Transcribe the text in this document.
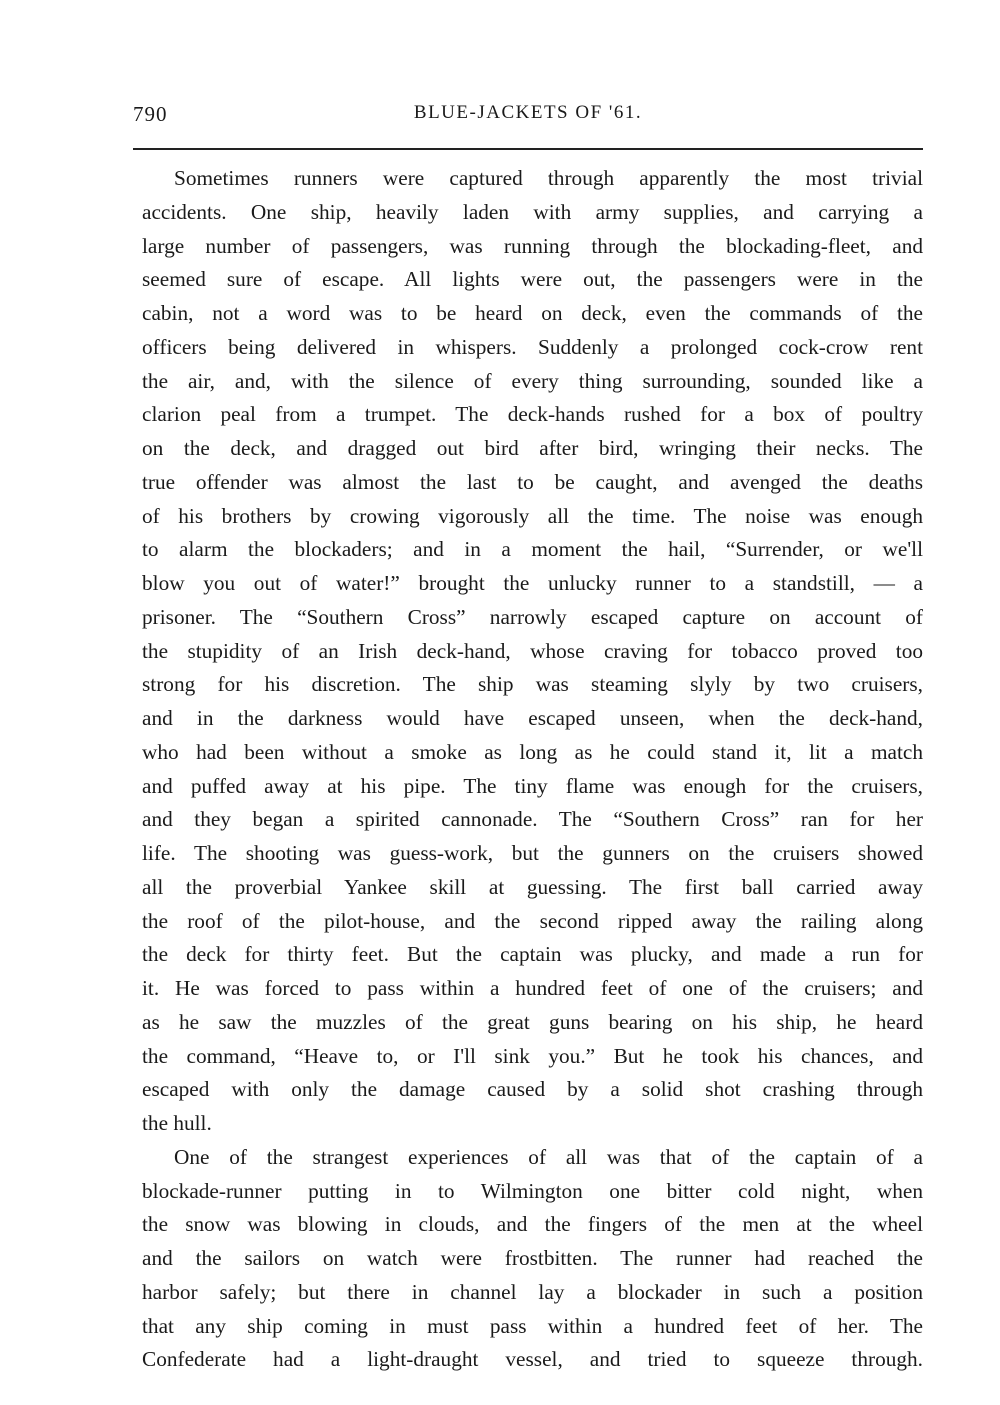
790	BLUE-JACKETS OF '61.
Sometimes runners were captured through apparently the most trivial
accidents. One ship, heavily laden with army supplies, and carrying a
large number of passengers, was running through the blockading-fleet, and
seemed sure of escape. All lights were out, the passengers were in the
cabin, not a word was to be heard on deck, even the commands of the
officers being delivered in whispers. Suddenly a prolonged cock-crow rent
the air, and, with the silence of every thing surrounding, sounded like a
clarion peal from a trumpet. The deck-hands rushed for a box of poultry
on the deck, and dragged out bird after bird, wringing their necks. The
true offender was almost the last to be caught, and avenged the deaths
of his brothers by crowing vigorously all the time. The noise was enough
to alarm the blockaders; and in a moment the hail, “Surrender, or we'll
blow you out of water!” brought the unlucky runner to a standstill, — a
prisoner. The “Southern Cross” narrowly escaped capture on account of
the stupidity of an Irish deck-hand, whose craving for tobacco proved too
strong for his discretion. The ship was steaming slyly by two cruisers,
and in the darkness would have escaped unseen, when the deck-hand,
who had been without a smoke as long as he could stand it, lit a match
and puffed away at his pipe. The tiny flame was enough for the cruisers,
and they began a spirited cannonade. The “Southern Cross” ran for her
life. The shooting was guess-work, but the gunners on the cruisers showed
all the proverbial Yankee skill at guessing. The first ball carried away
the roof of the pilot-house, and the second ripped away the railing along
the deck for thirty feet. But the captain was plucky, and made a run for
it. He was forced to pass within a hundred feet of one of the cruisers; and
as he saw the muzzles of the great guns bearing on his ship, he heard
the command, “Heave to, or I'll sink you.” But he took his chances, and
escaped with only the damage caused by a solid shot crashing through
the hull.
One of the strangest experiences of all was that of the captain of a
blockade-runner putting in to Wilmington one bitter cold night, when
the snow was blowing in clouds, and the fingers of the men at the wheel
and the sailors on watch were frostbitten. The runner had reached the
harbor safely; but there in channel lay a blockader in such a position
that any ship coming in must pass within a hundred feet of her. The
Confederate had a light-draught vessel, and tried to squeeze through.
